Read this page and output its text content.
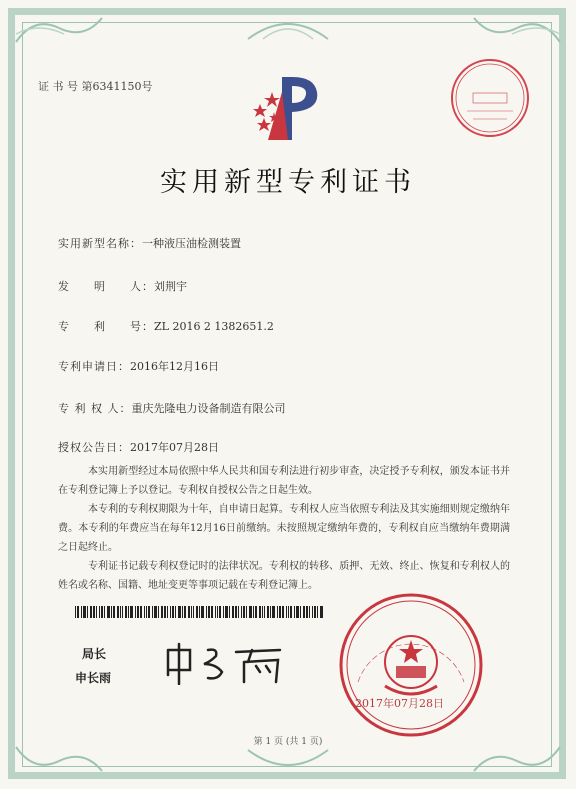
证 书 号 第6341150号
实用新型专利证书
实用新型名称：一种液压油检测装置
发　　明　　人：刘荆宇
专　　利　　号：ZL 2016 2 1382651.2
专利申请日：2016年12月16日
专 利 权 人：重庆先隆电力设备制造有限公司
授权公告日：2017年07月28日

本实用新型经过本局依照中华人民共和国专利法进行初步审查，决定授予专利权，颁发本证书并在专利登记簿上予以登记。专利权自授权公告之日起生效。

本专利的专利权期限为十年，自申请日起算。专利权人应当依照专利法及其实施细则规定缴纳年费。本专利的年费应当在每年12月16日前缴纳。未按照规定缴纳年费的，专利权自应当缴纳年费期满之日起终止。

专利证书记载专利权登记时的法律状况。专利权的转移、质押、无效、终止、恢复和专利权人的姓名或名称、国籍、地址变更等事项记载在专利登记簿上。

局长
申长雨
2017年07月28日
第 1 页 (共 1 页)
